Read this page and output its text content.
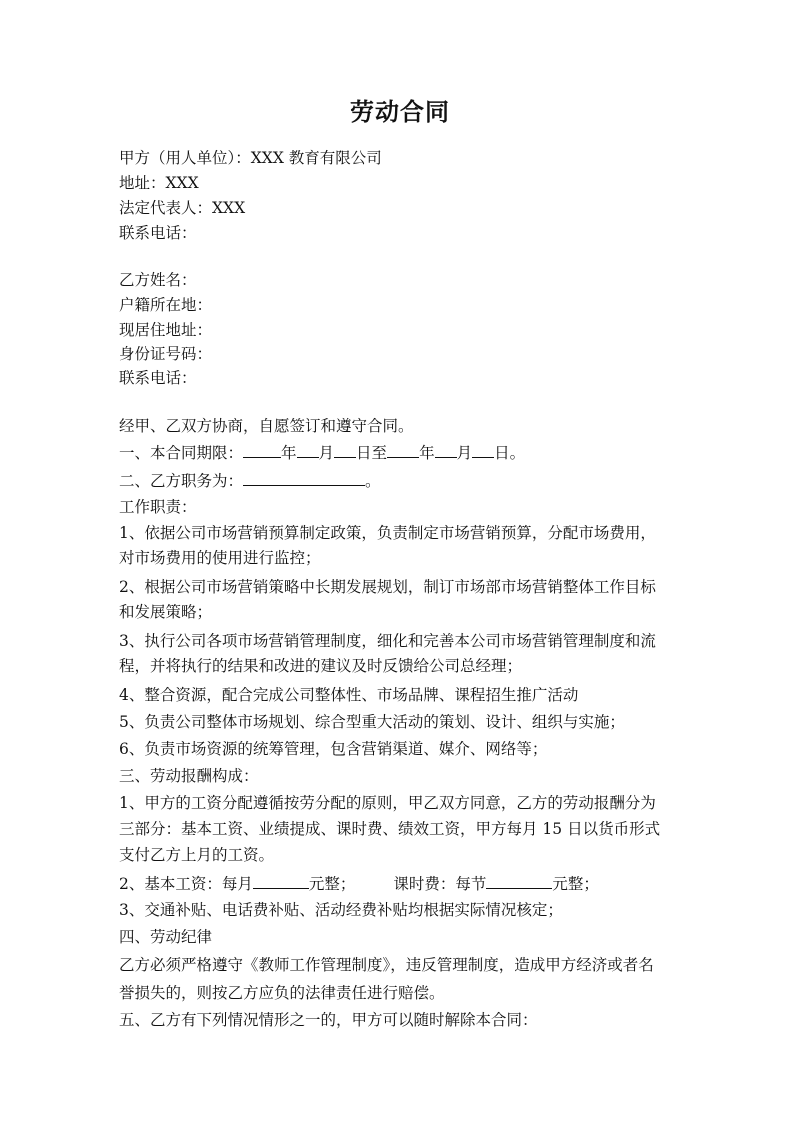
劳动合同
甲方（用人单位）：XXX 教育有限公司
地址：XXX
法定代表人：XXX
联系电话：
乙方姓名：
户籍所在地：
现居住地址：
身份证号码：
联系电话：
经甲、乙双方协商，自愿签订和遵守合同。
一、本合同期限： 年 月 日至 年 月 日。
二、乙方职务为：	。
工作职责：
1、依据公司市场营销预算制定政策，负责制定市场营销预算，分配市场费用，
对市场费用的使用进行监控；
2、根据公司市场营销策略中长期发展规划，制订市场部市场营销整体工作目标
和发展策略；
3、执行公司各项市场营销管理制度，细化和完善本公司市场营销管理制度和流
程，并将执行的结果和改进的建议及时反馈给公司总经理；
4、整合资源，配合完成公司整体性、市场品牌、课程招生推广活动
5、负责公司整体市场规划、综合型重大活动的策划、设计、组织与实施；
6、负责市场资源的统筹管理，包含营销渠道、媒介、网络等；
三、劳动报酬构成：
1、甲方的工资分配遵循按劳分配的原则，甲乙双方同意，乙方的劳动报酬分为
三部分：基本工资、业绩提成、课时费、绩效工资，甲方每月 15 日以货币形式
支付乙方上月的工资。
2、基本工资：每月	元整； 课时费：每节	元整；
3、交通补贴、电话费补贴、活动经费补贴均根据实际情况核定；
四、劳动纪律
乙方必须严格遵守《教师工作管理制度》，违反管理制度，造成甲方经济或者名
誉损失的，则按乙方应负的法律责任进行赔偿。
五、乙方有下列情况情形之一的，甲方可以随时解除本合同：
